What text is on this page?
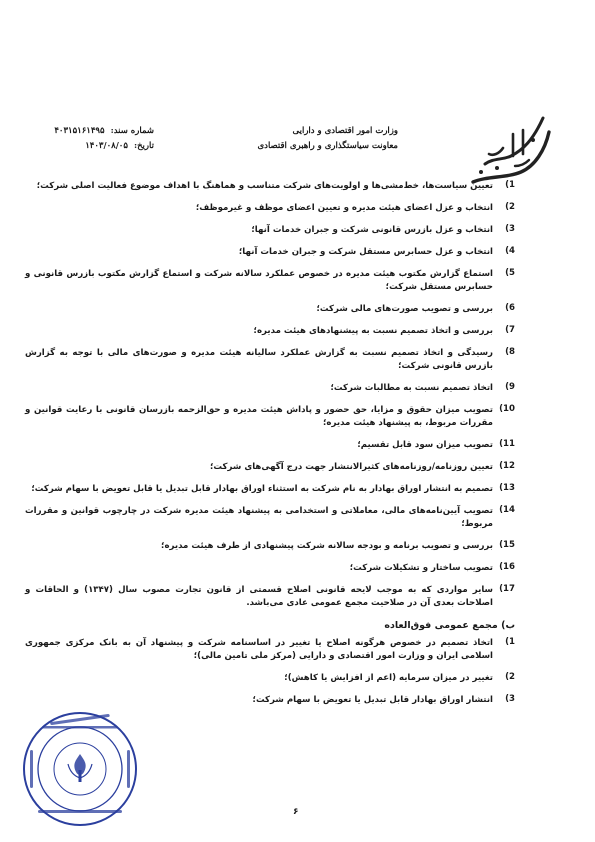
وزارت امور اقتصادی و دارایی
معاونت سیاستگذاری و راهبری اقتصادی
شماره سند:
۴۰۳۱۵۱۶۱۴۹۵
تاریخ:
۱۴۰۳/۰۸/۰۵
1)
تعیین سیاست‌ها، خط‌مشی‌ها و اولویت‌های شرکت متناسب و هماهنگ با اهداف موضوع فعالیت اصلی شرکت؛
2)
انتخاب و عزل اعضای هیئت مدیره و تعیین اعضای موظف و غیرموظف؛
3)
انتخاب و عزل بازرس قانونی شرکت و جبران خدمات آنها؛
4)
انتخاب و عزل حسابرس مستقل شرکت و جبران خدمات آنها؛
5)
استماع گزارش مکتوب هیئت مدیره در خصوص عملکرد سالانه شرکت و استماع گزارش مکتوب بازرس قانونی و حسابرس مستقل شرکت؛
6)
بررسی و تصویب صورت‌های مالی شرکت؛
7)
بررسی و اتخاذ تصمیم نسبت به پیشنهادهای هیئت مدیره؛
8)
رسیدگی و اتخاذ تصمیم نسبت به گزارش عملکرد سالیانه هیئت مدیره و صورت‌های مالی با توجه به گزارش بازرس قانونی شرکت؛
9)
اتخاذ تصمیم نسبت به مطالبات شرکت؛
10)
تصویب میزان حقوق و مزایا، حق حضور و پاداش هیئت مدیره و حق‌الزحمه بازرسان قانونی با رعایت قوانین و مقررات مربوط، به پیشنهاد هیئت مدیره؛
11)
تصویب میزان سود قابل تقسیم؛
12)
تعیین روزنامه/روزنامه‌های کثیرالانتشار جهت درج آگهی‌های شرکت؛
13)
تصمیم به انتشار اوراق بهادار به نام شرکت به استثناء اوراق بهادار قابل تبدیل یا قابل تعویض با سهام شرکت؛
14)
تصویب آیین‌نامه‌های مالی، معاملاتی و استخدامی به پیشنهاد هیئت مدیره شرکت در چارچوب قوانین و مقررات مربوط؛
15)
بررسی و تصویب برنامه و بودجه سالانه شرکت پیشنهادی از طرف هیئت مدیره؛
16)
تصویب ساختار و تشکیلات شرکت؛
17)
سایر مواردی که به موجب لایحه قانونی اصلاح قسمتی از قانون تجارت مصوب سال (۱۳۴۷) و الحاقات و اصلاحات بعدی آن در صلاحیت مجمع عمومی عادی می‌باشد.
ب) مجمع عمومی فوق‌العاده
1)
اتخاذ تصمیم در خصوص هرگونه اصلاح یا تغییر در اساسنامه شرکت و پیشنهاد آن به بانک مرکزی جمهوری اسلامی ایران و وزارت امور اقتصادی و دارایی (مرکز ملی تامین مالی)؛
2)
تغییر در میزان سرمایه (اعم از افزایش یا کاهش)؛
3)
انتشار اوراق بهادار قابل تبدیل یا تعویض با سهام شرکت؛
۶
